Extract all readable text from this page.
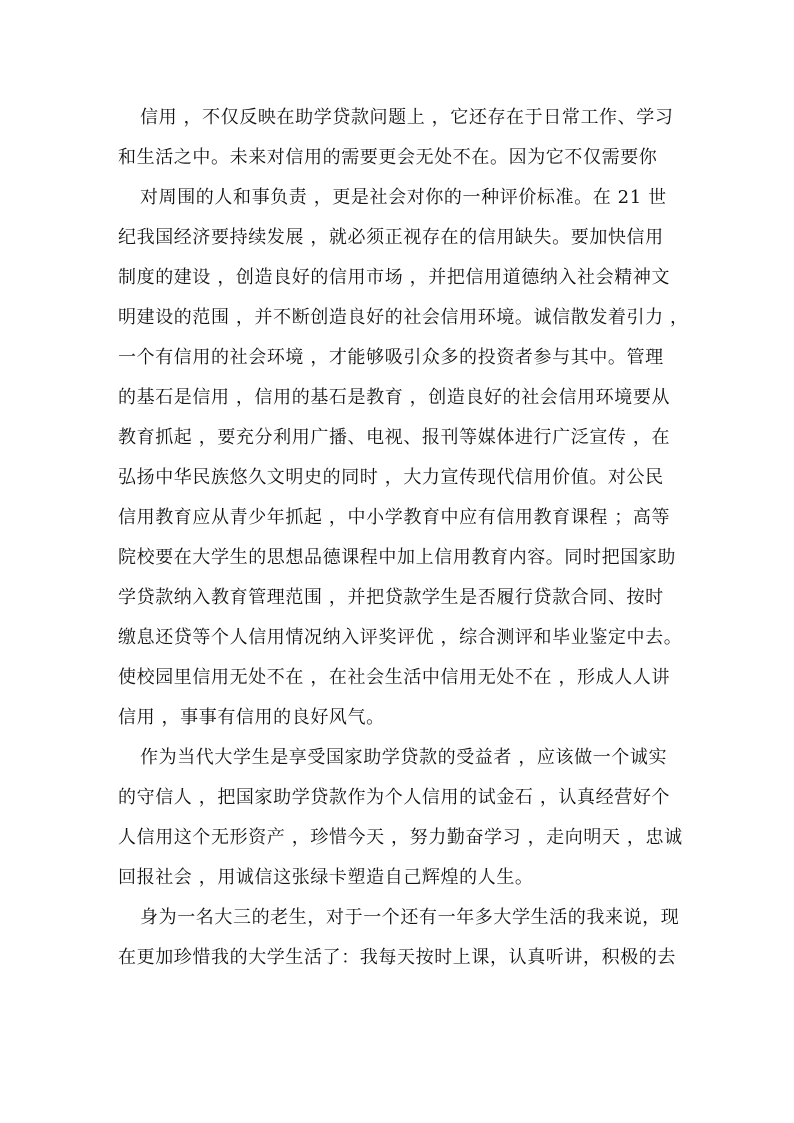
信用 ，不仅反映在助学贷款问题上 ，它还存在于日常工作、学习
和生活之中。未来对信用的需要更会无处不在。因为它不仅需要你
对周围的人和事负责 ，更是社会对你的一种评价标准。在 21 世
纪我国经济要持续发展 ，就必须正视存在的信用缺失。要加快信用
制度的建设 ，创造良好的信用市场 ，并把信用道德纳入社会精神文
明建设的范围 ，并不断创造良好的社会信用环境。诚信散发着引力 ，
一个有信用的社会环境 ，才能够吸引众多的投资者参与其中。管理
的基石是信用 ，信用的基石是教育 ，创造良好的社会信用环境要从
教育抓起 ，要充分利用广播、电视、报刊等媒体进行广泛宣传 ，在
弘扬中华民族悠久文明史的同时 ，大力宣传现代信用价值。对公民
信用教育应从青少年抓起 ，中小学教育中应有信用教育课程 ；高等
院校要在大学生的思想品德课程中加上信用教育内容。同时把国家助
学贷款纳入教育管理范围 ，并把贷款学生是否履行贷款合同、按时
缴息还贷等个人信用情况纳入评奖评优 ，综合测评和毕业鉴定中去。
使校园里信用无处不在 ，在社会生活中信用无处不在 ，形成人人讲
信用 ，事事有信用的良好风气。
作为当代大学生是享受国家助学贷款的受益者 ，应该做一个诚实
的守信人 ，把国家助学贷款作为个人信用的试金石 ，认真经营好个
人信用这个无形资产 ，珍惜今天 ，努力勤奋学习 ，走向明天 ，忠诚
回报社会 ，用诚信这张绿卡塑造自己辉煌的人生。
身为一名大三的老生，对于一个还有一年多大学生活的我来说，现
在更加珍惜我的大学生活了：我每天按时上课，认真听讲，积极的去
